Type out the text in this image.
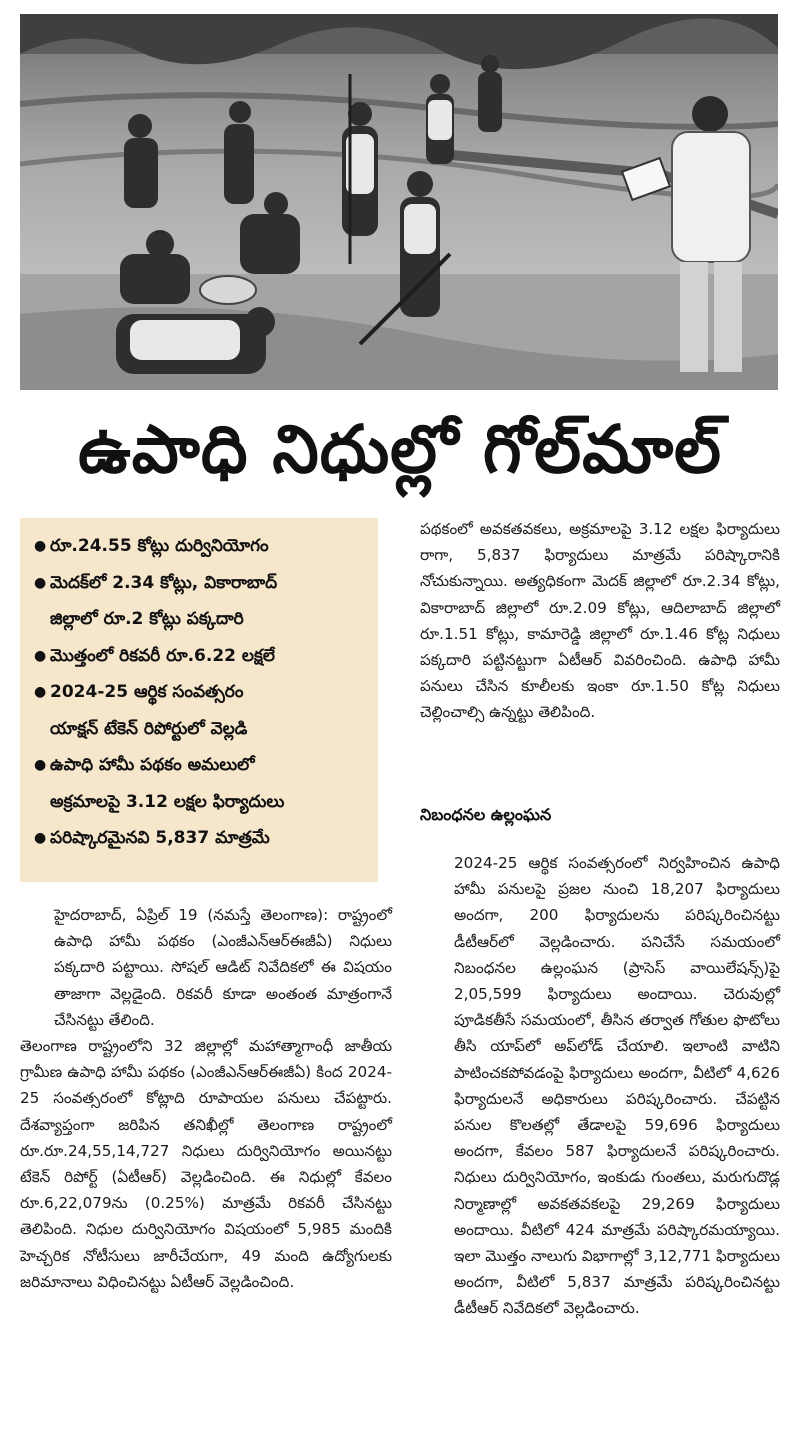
ఉపాధి నిధుల్లో గోల్‌మాల్
● రూ.24.55 కోట్లు దుర్వినియోగం
● మెదక్‌లో 2.34 కోట్లు, వికారాబాద్
జిల్లాలో రూ.2 కోట్లు పక్కదారి
● మొత్తంలో రికవరీ రూ.6.22 లక్షలే
● 2024-25 ఆర్థిక సంవత్సరం
యాక్షన్ టేకెన్ రిపోర్టులో వెల్లడి
● ఉపాధి హామీ పథకం అమలులో
అక్రమాలపై 3.12 లక్షల ఫిర్యాదులు
● పరిష్కారమైనవి 5,837 మాత్రమే

హైదరాబాద్, ఏప్రిల్ 19 (నమస్తే తెలంగాణ): రాష్ట్రంలో ఉపాధి హామీ పథకం (ఎంజీఎన్ఆర్ఈజీఏ) నిధులు పక్కదారి పట్టాయి. సోషల్ ఆడిట్ నివేదికలో ఈ విషయం తాజాగా వెల్లడైంది. రికవరీ కూడా అంతంత మాత్రంగానే చేసినట్టు తేలింది.

తెలంగాణ రాష్ట్రంలోని 32 జిల్లాల్లో మహాత్మాగాంధీ జాతీయ గ్రామీణ ఉపాధి హామీ పథకం (ఎంజీఎన్ఆర్ఈజీఏ) కింద 2024-25 సంవత్సరంలో కోట్లాది రూపాయల పనులు చేపట్టారు. దేశవ్యాప్తంగా జరిపిన తనిఖీల్లో తెలంగాణ రాష్ట్రంలో రూ.రూ.24,55,14,727 నిధులు దుర్వినియోగం అయినట్టు టేకెన్ రిపోర్ట్ (ఏటీఆర్) వెల్లడించింది. ఈ నిధుల్లో కేవలం రూ.6,22,079ను (0.25%) మాత్రమే రికవరీ చేసినట్టు తెలిపింది. నిధుల దుర్వినియోగం విషయంలో 5,985 మందికి హెచ్చరిక నోటీసులు జారీచేయగా, 49 మంది ఉద్యోగులకు జరిమానాలు విధించినట్టు ఏటీఆర్ వెల్లడించింది.

పథకంలో అవకతవకలు, అక్రమాలపై 3.12 లక్షల ఫిర్యాదులు రాగా, 5,837 ఫిర్యాదులు మాత్రమే పరిష్కారానికి నోచుకున్నాయి. అత్యధికంగా మెదక్ జిల్లాలో రూ.2.34 కోట్లు, వికారాబాద్ జిల్లాలో రూ.2.09 కోట్లు, ఆదిలాబాద్ జిల్లాలో రూ.1.51 కోట్లు, కామారెడ్డి జిల్లాలో రూ.1.46 కోట్ల నిధులు పక్కదారి పట్టినట్టుగా ఏటీఆర్ వివరించింది. ఉపాధి హామీ పనులు చేసిన కూలీలకు ఇంకా రూ.1.50 కోట్ల నిధులు చెల్లించాల్సి ఉన్నట్టు తెలిపింది.

నిబంధనల ఉల్లంఘన

2024-25 ఆర్థిక సంవత్సరంలో నిర్వహించిన ఉపాధి హామీ పనులపై ప్రజల నుంచి 18,207 ఫిర్యాదులు అందగా, 200 ఫిర్యాదులను పరిష్కరించినట్టు డీటీఆర్‌లో వెల్లడించారు. పనిచేసే సమయంలో నిబంధనల ఉల్లంఘన (ప్రాసెస్ వాయిలేషన్స్)పై 2,05,599 ఫిర్యాదులు అందాయి. చెరువుల్లో పూడికతీసే సమయంలో, తీసిన తర్వాత గోతుల ఫొటోలు తీసి యాప్‌లో అప్‌లోడ్ చేయాలి. ఇలాంటి వాటిని పాటించకపోవడంపై ఫిర్యాదులు అందగా, వీటిలో 4,626 ఫిర్యాదులనే అధికారులు పరిష్కరించారు. చేపట్టిన పనుల కొలతల్లో తేడాలపై 59,696 ఫిర్యాదులు అందగా, కేవలం 587 ఫిర్యాదులనే పరిష్కరించారు. నిధులు దుర్వినియోగం, ఇంకుడు గుంతలు, మరుగుదొడ్ల నిర్మాణాల్లో అవకతవకలపై 29,269 ఫిర్యాదులు అందాయి. వీటిలో 424 మాత్రమే పరిష్కారమయ్యాయి. ఇలా మొత్తం నాలుగు విభాగాల్లో 3,12,771 ఫిర్యాదులు అందగా, వీటిలో 5,837 మాత్రమే పరిష్కరించినట్టు డీటీఆర్ నివేదికలో వెల్లడించారు.
